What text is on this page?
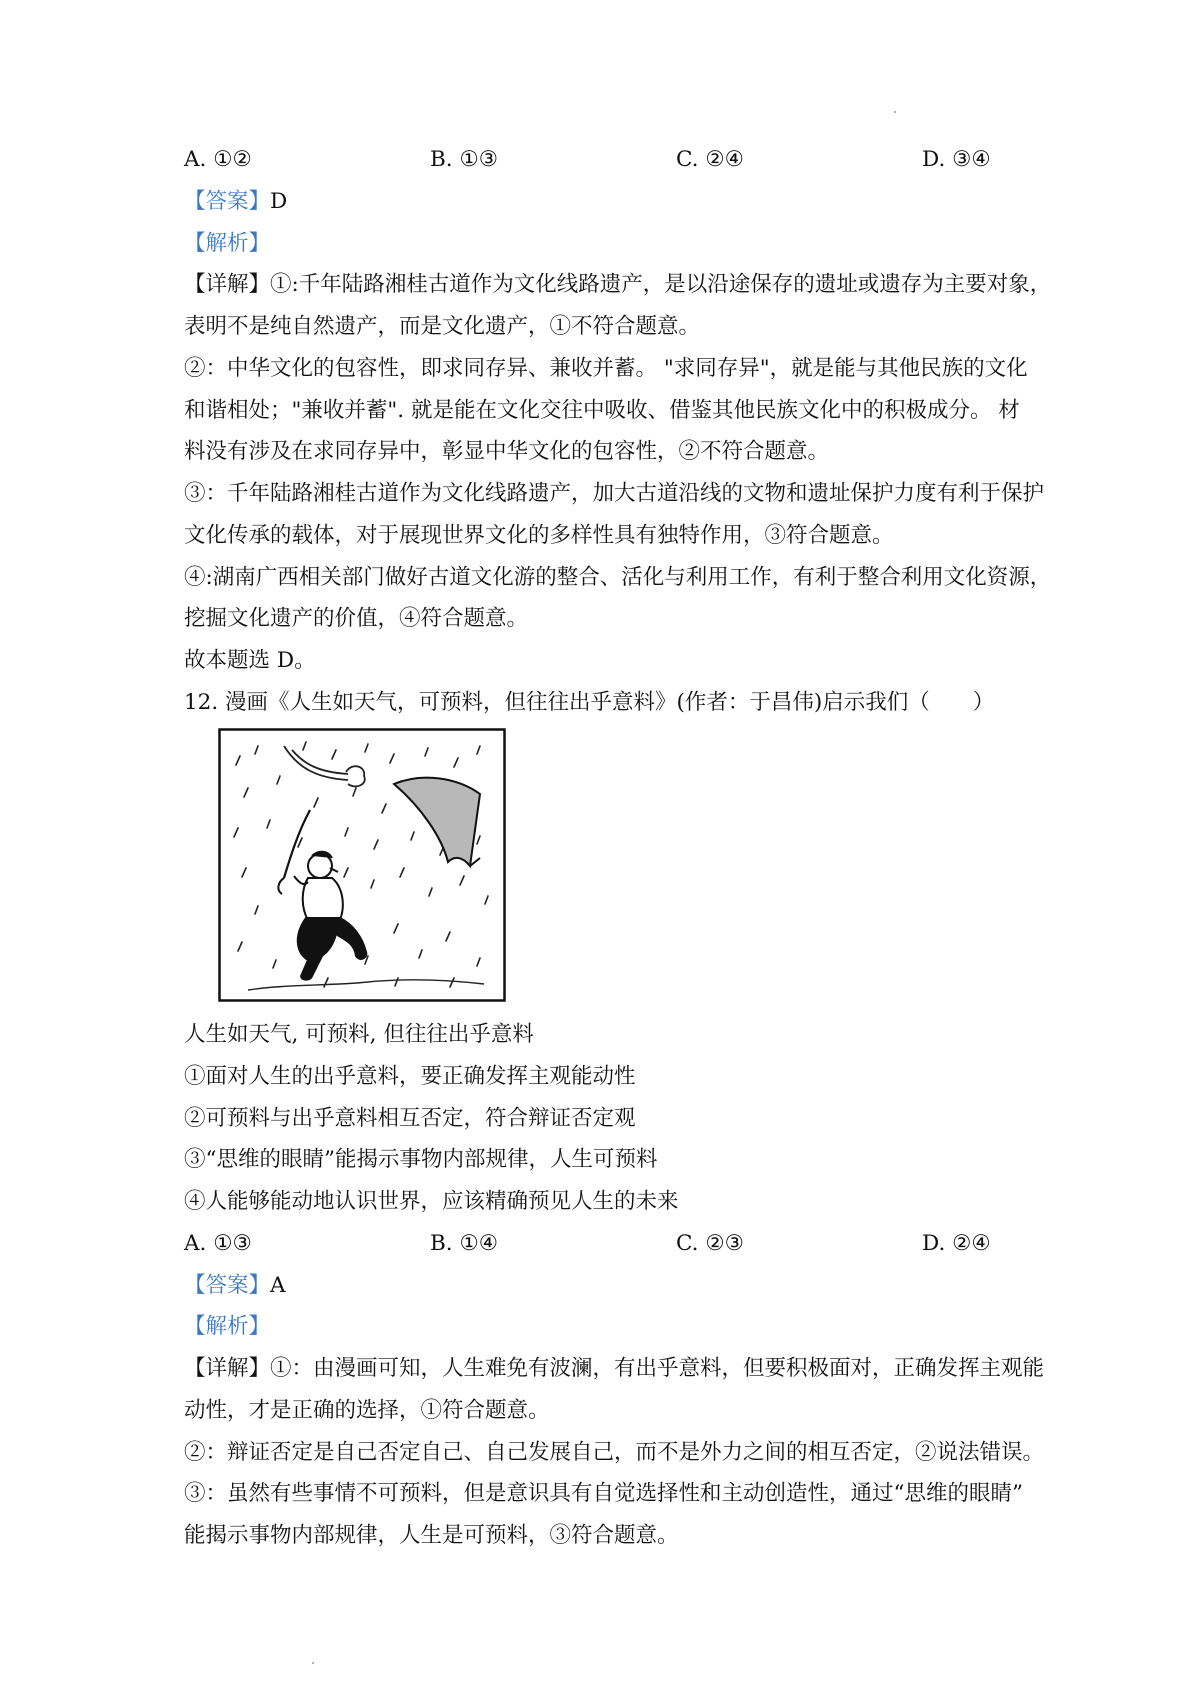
A. ①②	B. ①③	C. ②④	D. ③④
【答案】D
【解析】
【详解】①:千年陆路湘桂古道作为文化线路遗产，是以沿途保存的遗址或遗存为主要对象，
表明不是纯自然遗产，而是文化遗产，①不符合题意。
②：中华文化的包容性，即求同存异、兼收并蓄。 "求同存异"，就是能与其他民族的文化
和谐相处；"兼收并蓄". 就是能在文化交往中吸收、借鉴其他民族文化中的积极成分。 材
料没有涉及在求同存异中，彰显中华文化的包容性，②不符合题意。
③：千年陆路湘桂古道作为文化线路遗产，加大古道沿线的文物和遗址保护力度有利于保护
文化传承的载体，对于展现世界文化的多样性具有独特作用，③符合题意。
④:湖南广西相关部门做好古道文化游的整合、活化与利用工作，有利于整合利用文化资源，
挖掘文化遗产的价值，④符合题意。
故本题选 D。
12. 漫画《人生如天气，可预料，但往往出乎意料》(作者：于昌伟)启示我们（　　）
人生如天气, 可预料, 但往往出乎意料
①面对人生的出乎意料，要正确发挥主观能动性
②可预料与出乎意料相互否定，符合辩证否定观
③“思维的眼睛”能揭示事物内部规律，人生可预料
④人能够能动地认识世界，应该精确预见人生的未来
A. ①③	B. ①④	C. ②③	D. ②④
【答案】A
【解析】
【详解】①：由漫画可知，人生难免有波澜，有出乎意料，但要积极面对，正确发挥主观能
动性，才是正确的选择，①符合题意。
②：辩证否定是自己否定自己、自己发展自己，而不是外力之间的相互否定，②说法错误。
③：虽然有些事情不可预料，但是意识具有自觉选择性和主动创造性，通过“思维的眼睛”
能揭示事物内部规律，人生是可预料，③符合题意。
